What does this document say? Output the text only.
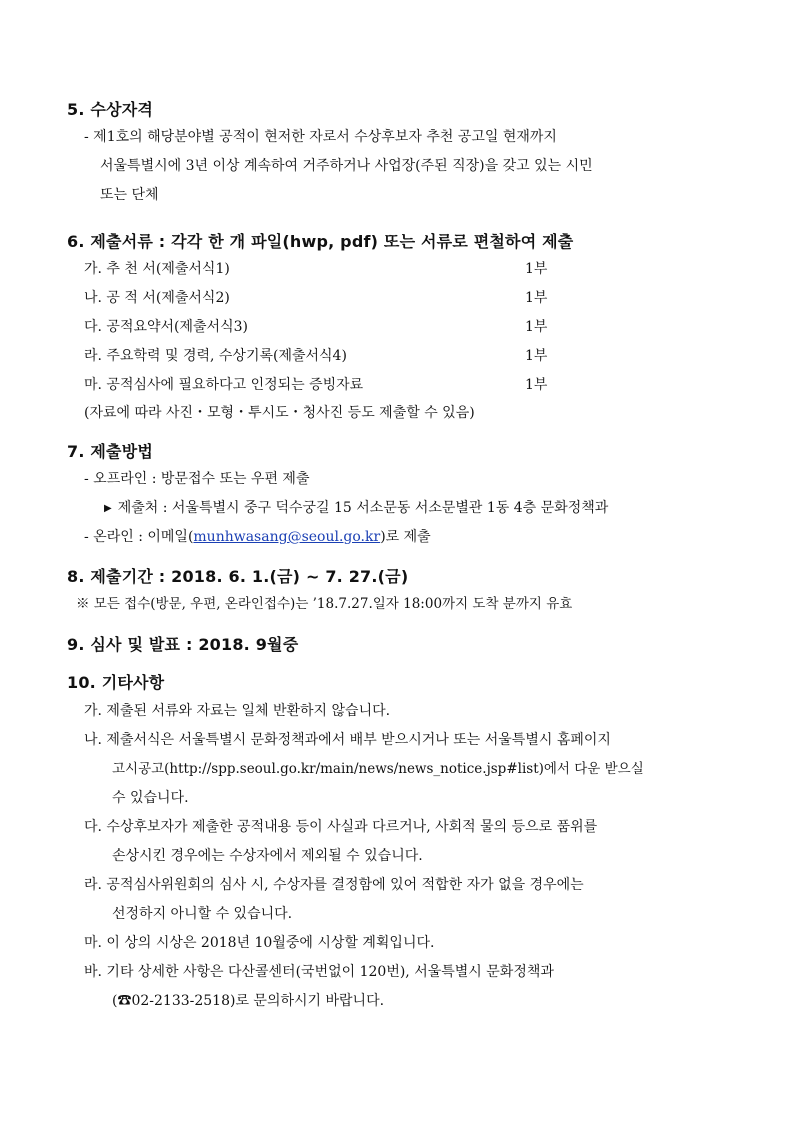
5. 수상자격
- 제1호의 해당분야별 공적이 현저한 자로서 수상후보자 추천 공고일 현재까지
서울특별시에 3년 이상 계속하여 거주하거나 사업장(주된 직장)을 갖고 있는 시민
또는 단체
6. 제출서류 : 각각 한 개 파일(hwp, pdf) 또는 서류로 편철하여 제출
가. 추 천 서(제출서식1)	1부
나. 공 적 서(제출서식2)	1부
다. 공적요약서(제출서식3)	1부
라. 주요학력 및 경력, 수상기록(제출서식4)	1부
마. 공적심사에 필요하다고 인정되는 증빙자료	1부
(자료에 따라 사진・모형・투시도・청사진 등도 제출할 수 있음)
7. 제출방법
- 오프라인 : 방문접수 또는 우편 제출
▶ 제출처 : 서울특별시 중구 덕수궁길 15 서소문동 서소문별관 1동 4층 문화정책과
- 온라인 : 이메일(munhwasang@seoul.go.kr)로 제출
8. 제출기간 : 2018. 6. 1.(금) ~ 7. 27.(금)
※ 모든 접수(방문, 우편, 온라인접수)는 ’18.7.27.일자 18:00까지 도착 분까지 유효
9. 심사 및 발표 : 2018. 9월중
10. 기타사항
가. 제출된 서류와 자료는 일체 반환하지 않습니다.
나. 제출서식은 서울특별시 문화정책과에서 배부 받으시거나 또는 서울특별시 홈페이지
고시공고(http://spp.seoul.go.kr/main/news/news_notice.jsp#list)에서 다운 받으실
수 있습니다.
다. 수상후보자가 제출한 공적내용 등이 사실과 다르거나, 사회적 물의 등으로 품위를
손상시킨 경우에는 수상자에서 제외될 수 있습니다.
라. 공적심사위원회의 심사 시, 수상자를 결정함에 있어 적합한 자가 없을 경우에는
선정하지 아니할 수 있습니다.
마. 이 상의 시상은 2018년 10월중에 시상할 계획입니다.
바. 기타 상세한 사항은 다산콜센터(국번없이 120번), 서울특별시 문화정책과
(☎02-2133-2518)로 문의하시기 바랍니다.
